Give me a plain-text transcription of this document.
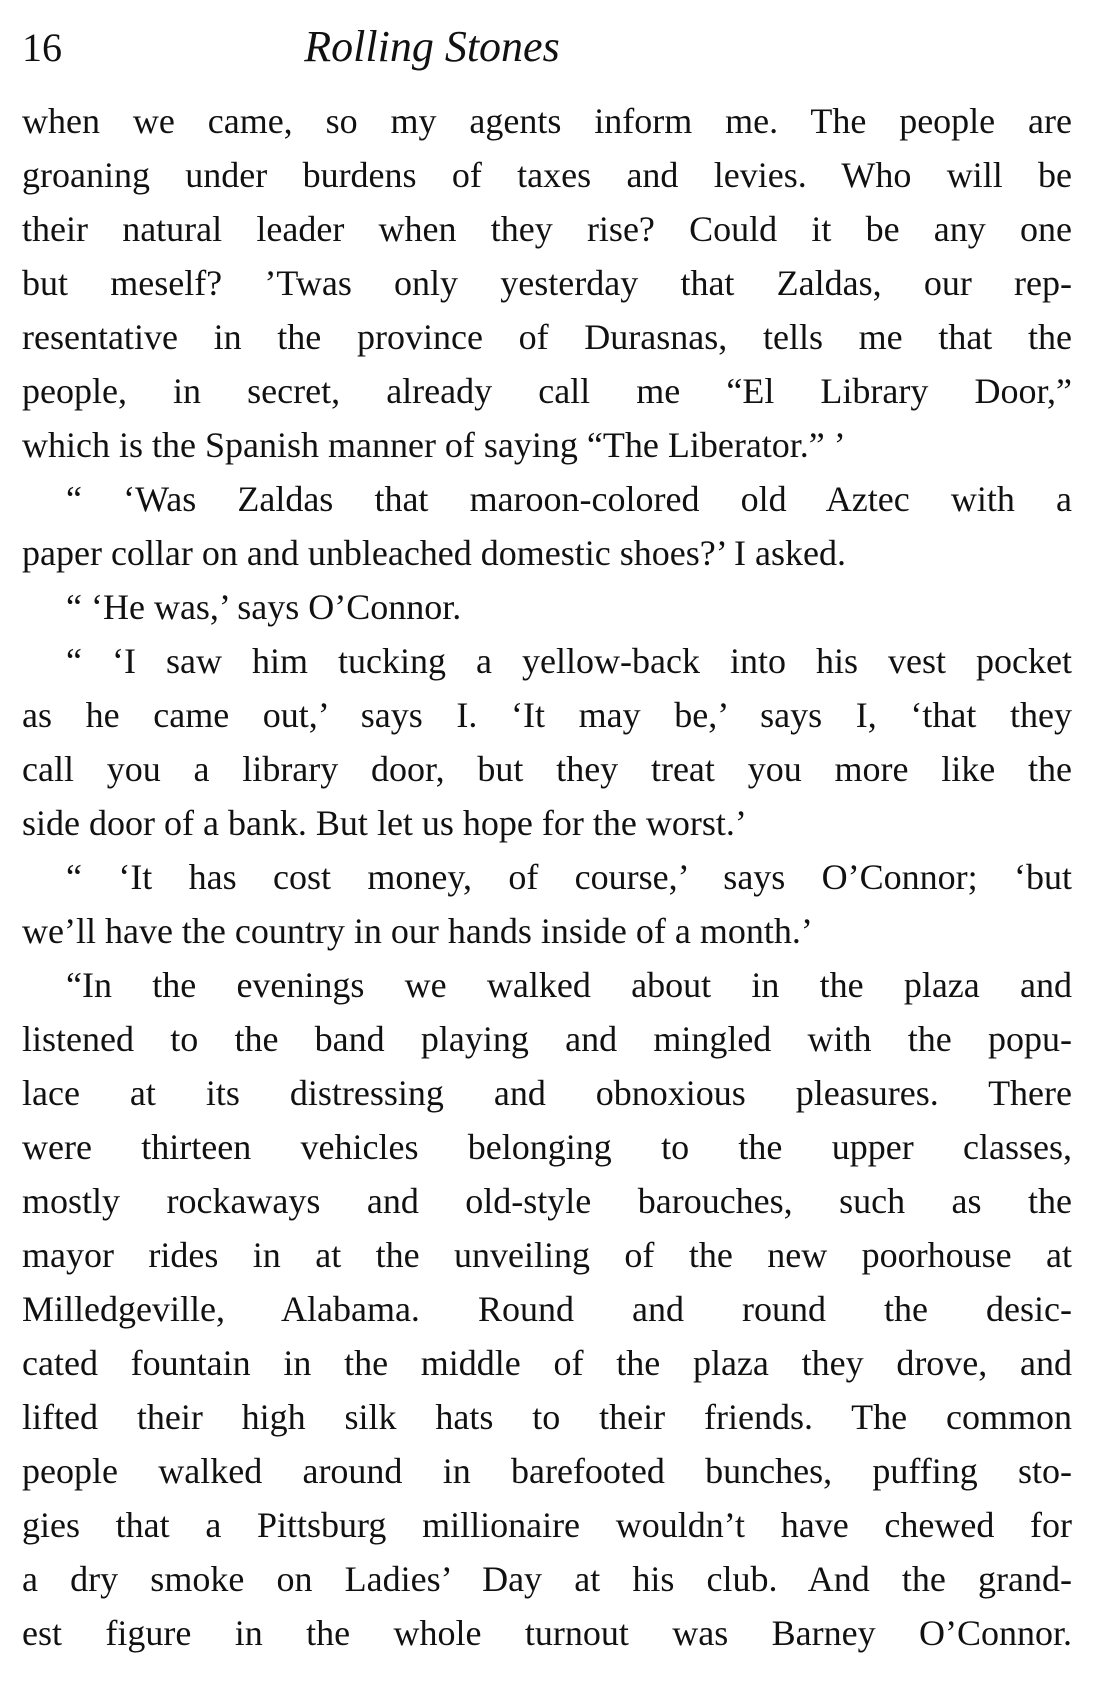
16	Rolling Stones
when we came, so my agents inform me. The people are
groaning under burdens of taxes and levies. Who will be
their natural leader when they rise? Could it be any one
but meself? ’Twas only yesterday that Zaldas, our rep-
resentative in the province of Durasnas, tells me that the
people, in secret, already call me “El Library Door,”
which is the Spanish manner of saying “The Liberator.” ’
“ ‘Was Zaldas that maroon-colored old Aztec with a
paper collar on and unbleached domestic shoes?’ I asked.
“ ‘He was,’ says O’Connor.
“ ‘I saw him tucking a yellow-back into his vest pocket
as he came out,’ says I. ‘It may be,’ says I, ‘that they
call you a library door, but they treat you more like the
side door of a bank. But let us hope for the worst.’
“ ‘It has cost money, of course,’ says O’Connor; ‘but
we’ll have the country in our hands inside of a month.’
“In the evenings we walked about in the plaza and
listened to the band playing and mingled with the popu-
lace at its distressing and obnoxious pleasures. There
were thirteen vehicles belonging to the upper classes,
mostly rockaways and old-style barouches, such as the
mayor rides in at the unveiling of the new poorhouse at
Milledgeville, Alabama. Round and round the desic-
cated fountain in the middle of the plaza they drove, and
lifted their high silk hats to their friends. The common
people walked around in barefooted bunches, puffing sto-
gies that a Pittsburg millionaire wouldn’t have chewed for
a dry smoke on Ladies’ Day at his club. And the grand-
est figure in the whole turnout was Barney O’Connor.
